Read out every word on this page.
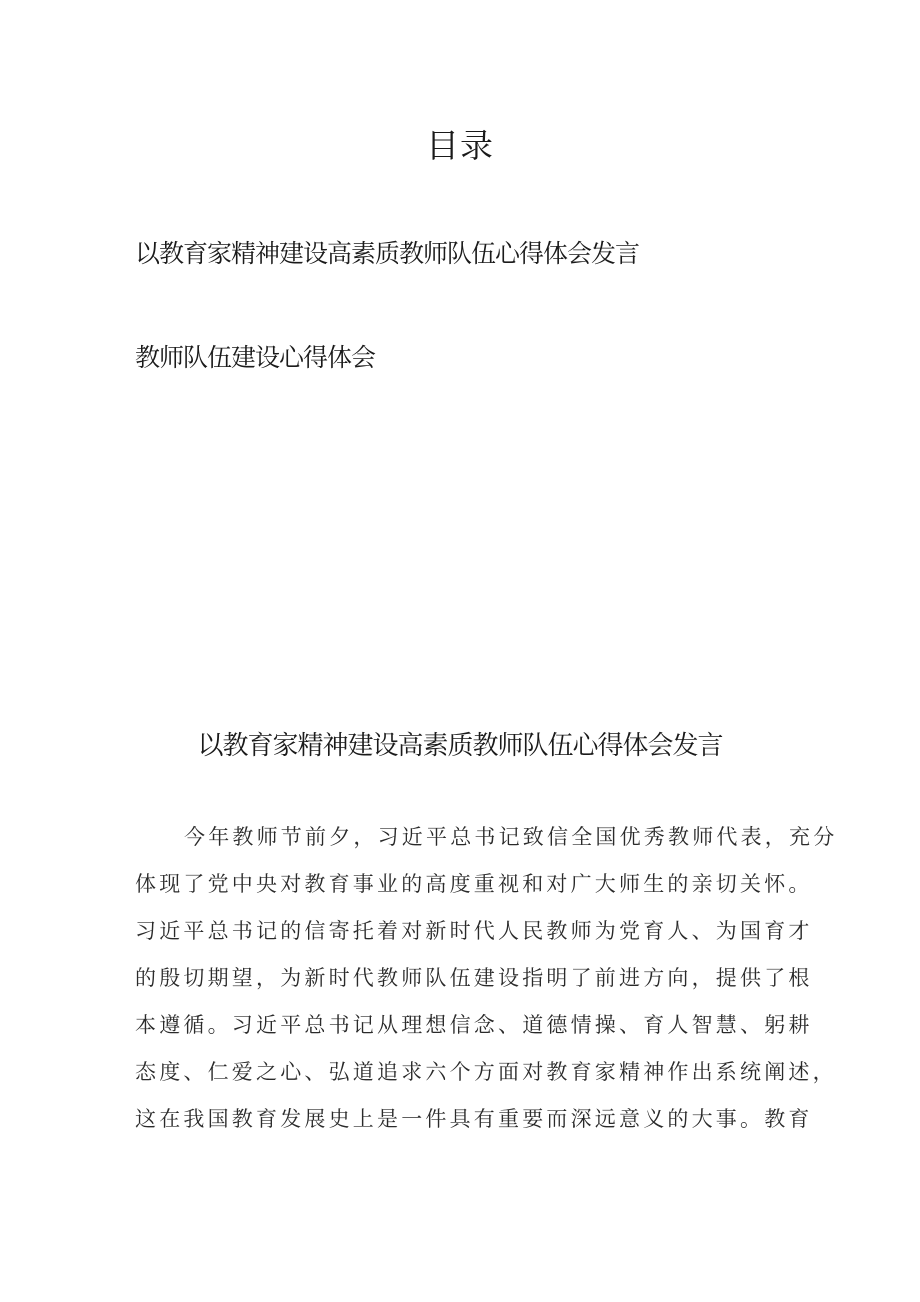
目录

以教育家精神建设高素质教师队伍心得体会发言

教师队伍建设心得体会

以教育家精神建设高素质教师队伍心得体会发言

今年教师节前夕，习近平总书记致信全国优秀教师代表，充分

体现了党中央对教育事业的高度重视和对广大师生的亲切关怀。

习近平总书记的信寄托着对新时代人民教师为党育人、为国育才

的殷切期望，为新时代教师队伍建设指明了前进方向，提供了根

本遵循。习近平总书记从理想信念、道德情操、育人智慧、躬耕

态度、仁爱之心、弘道追求六个方面对教育家精神作出系统阐述，

这在我国教育发展史上是一件具有重要而深远意义的大事。教育
